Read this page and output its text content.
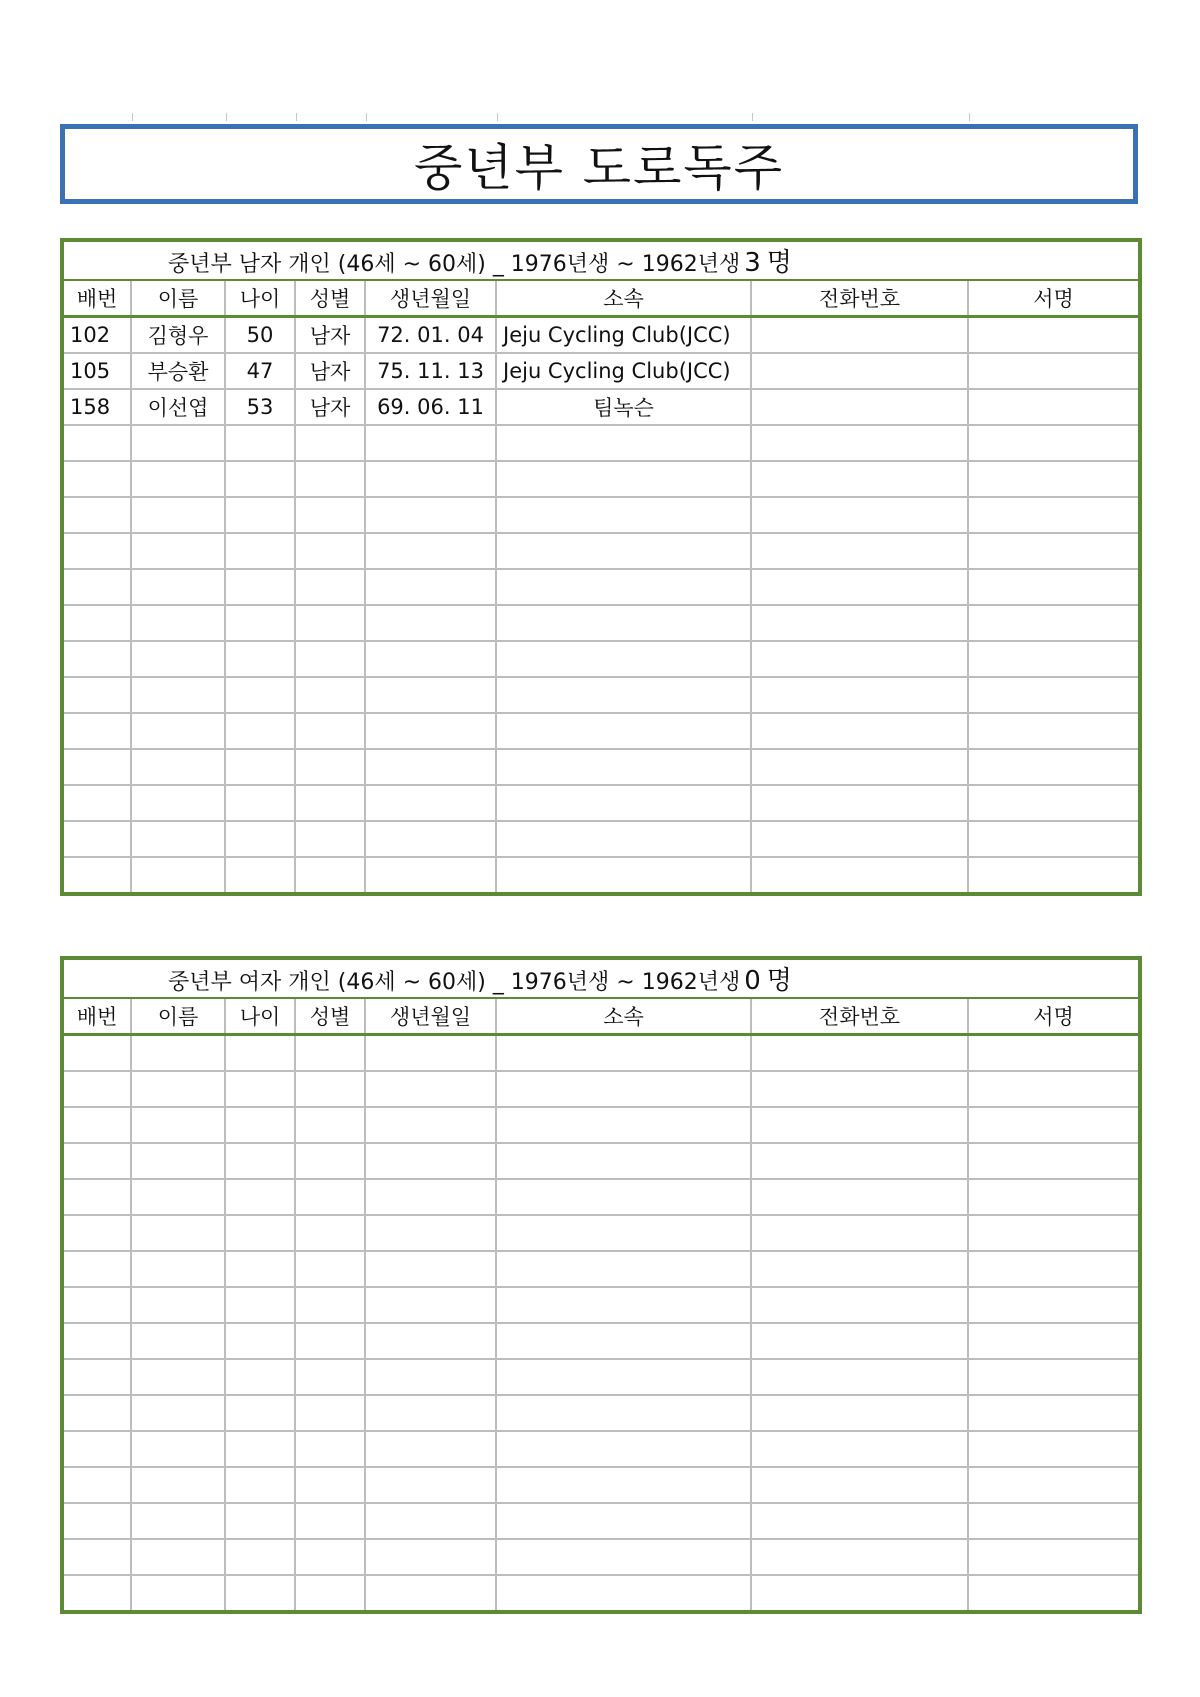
중년부 도로독주
중년부 남자 개인 (46세 ~ 60세) _ 1976년생 ~ 1962년생 3 명							
배번	이름	나이	성별	생년월일	소속	전화번호	서명
102	김형우	50	남자	72. 01. 04	Jeju Cycling Club(JCC)		
105	부승환	47	남자	75. 11. 13	Jeju Cycling Club(JCC)		
158	이선엽	53	남자	69. 06. 11	팀녹슨		

중년부 여자 개인 (46세 ~ 60세) _ 1976년생 ~ 1962년생 0 명							
배번	이름	나이	성별	생년월일	소속	전화번호	서명
